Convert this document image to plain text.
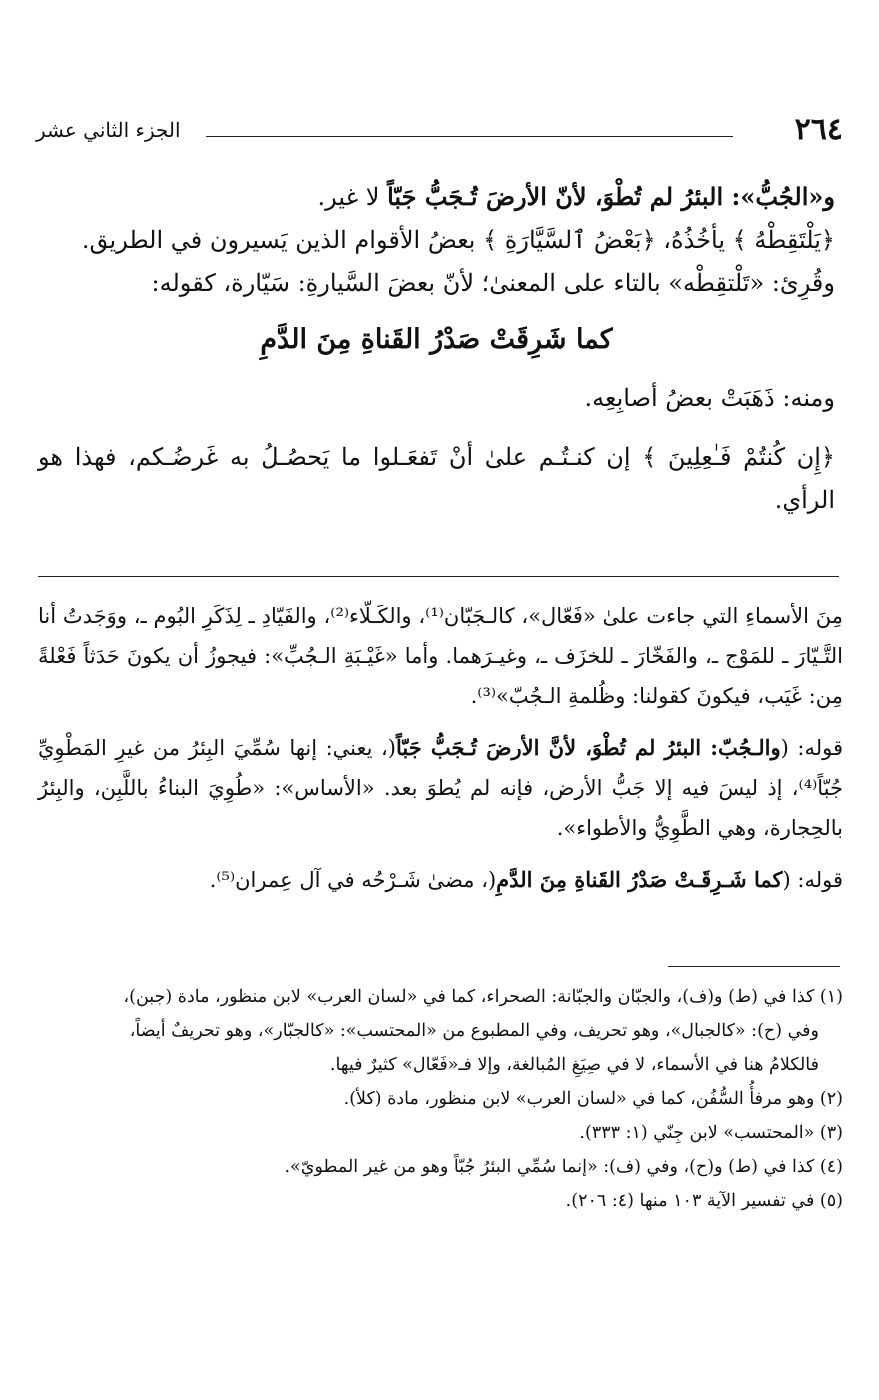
٢٦٤
الجزء الثاني عشر

و«الجُبُّ»: البئرُ لم تُطْوَ، لأنّ الأرضَ تُـجَبُّ جَبّاً لا غير.

﴿يَلْتَقِطْهُ ﴾ يأخُذُهُ، ﴿بَعْضُ ٱلسَّيَّارَةِ ﴾ بعضُ الأقوام الذين يَسيرون في الطريق.

وقُرِئ: «تَلْتقِطْه» بالتاء على المعنىٰ؛ لأنّ بعضَ السَّيارةِ: سَيّارة، كقوله:

كما شَرِقَتْ صَدْرُ القَناةِ مِنَ الدَّمِ

ومنه: ذَهَبَتْ بعضُ أصابِعِه.

﴿إِن كُنتُمْ فَـٰعِلِينَ ﴾ إن كنـتُـم علىٰ أنْ تَفعَـلوا ما يَحصُـلُ به غَرضُـكم، فهذا هو الرأي.

مِنَ الأسماءِ التي جاءت علىٰ «فَعّال»، كالـجَبّان⁽¹⁾، والكَـلّاء⁽²⁾، والفَيّادِ ـ لِذَكَرِ البُوم ـ، ووَجَدتُ أنا التَّـيّارَ ـ للمَوْج ـ، والفَخّارَ ـ للخزَف ـ، وغيـرَهما. وأما «غَيْـبَةِ الـجُبِّ»: فيجوزُ أن يكونَ حَدَثاً فَعْلةً مِن: غَيَب، فيكونَ كقولنا: وظُلمةِ الـجُبّ»⁽³⁾.

قوله: (والـجُبّ: البئرُ لم تُطْوَ، لأنَّ الأرضَ تُـجَبُّ جَبّاً(، يعني: إنها سُمِّيَ البِئرُ من غيرِ المَطْوِيِّ جُبّاً⁽⁴⁾، إذ ليسَ فيه إلا جَبُّ الأرض، فإنه لم يُطوَ بعد. «الأساس»: «طُوِيَ البناءُ باللَّبِن، والبِئرُ بالحِجارة، وهي الطَّوِيُّ والأطواء».

قوله: (كما شَـرِقَـتْ صَدْرُ القَناةِ مِنَ الدَّمِ(، مضىٰ شَـرْحُه في آل عِمران⁽⁵⁾.

(١) كذا في (ط) و(ف)، والجبّان والجبّانة: الصحراء، كما في «لسان العرب» لابن منظور، مادة (جبن)،

وفي (ح): «كالجبال»، وهو تحريف، وفي المطبوع من «المحتسب»: «كالجبّار»، وهو تحريفٌ أيضاً،

فالكلامُ هنا في الأسماء، لا في صِيَغِ المُبالغة، وإلا فـ«فَعّال» كثيرٌ فيها.

(٢) وهو مرفأُ السُّفُن، كما في «لسان العرب» لابن منظور، مادة (كلأ).

(٣) «المحتسب» لابن جِنّي (١: ٣٣٣).

(٤) كذا في (ط) و(ح)، وفي (ف): «إنما سُمِّي البئرُ جُبّاً وهو من غير المطويّ».

(٥) في تفسير الآية ١٠٣ منها (٤: ٢٠٦).
